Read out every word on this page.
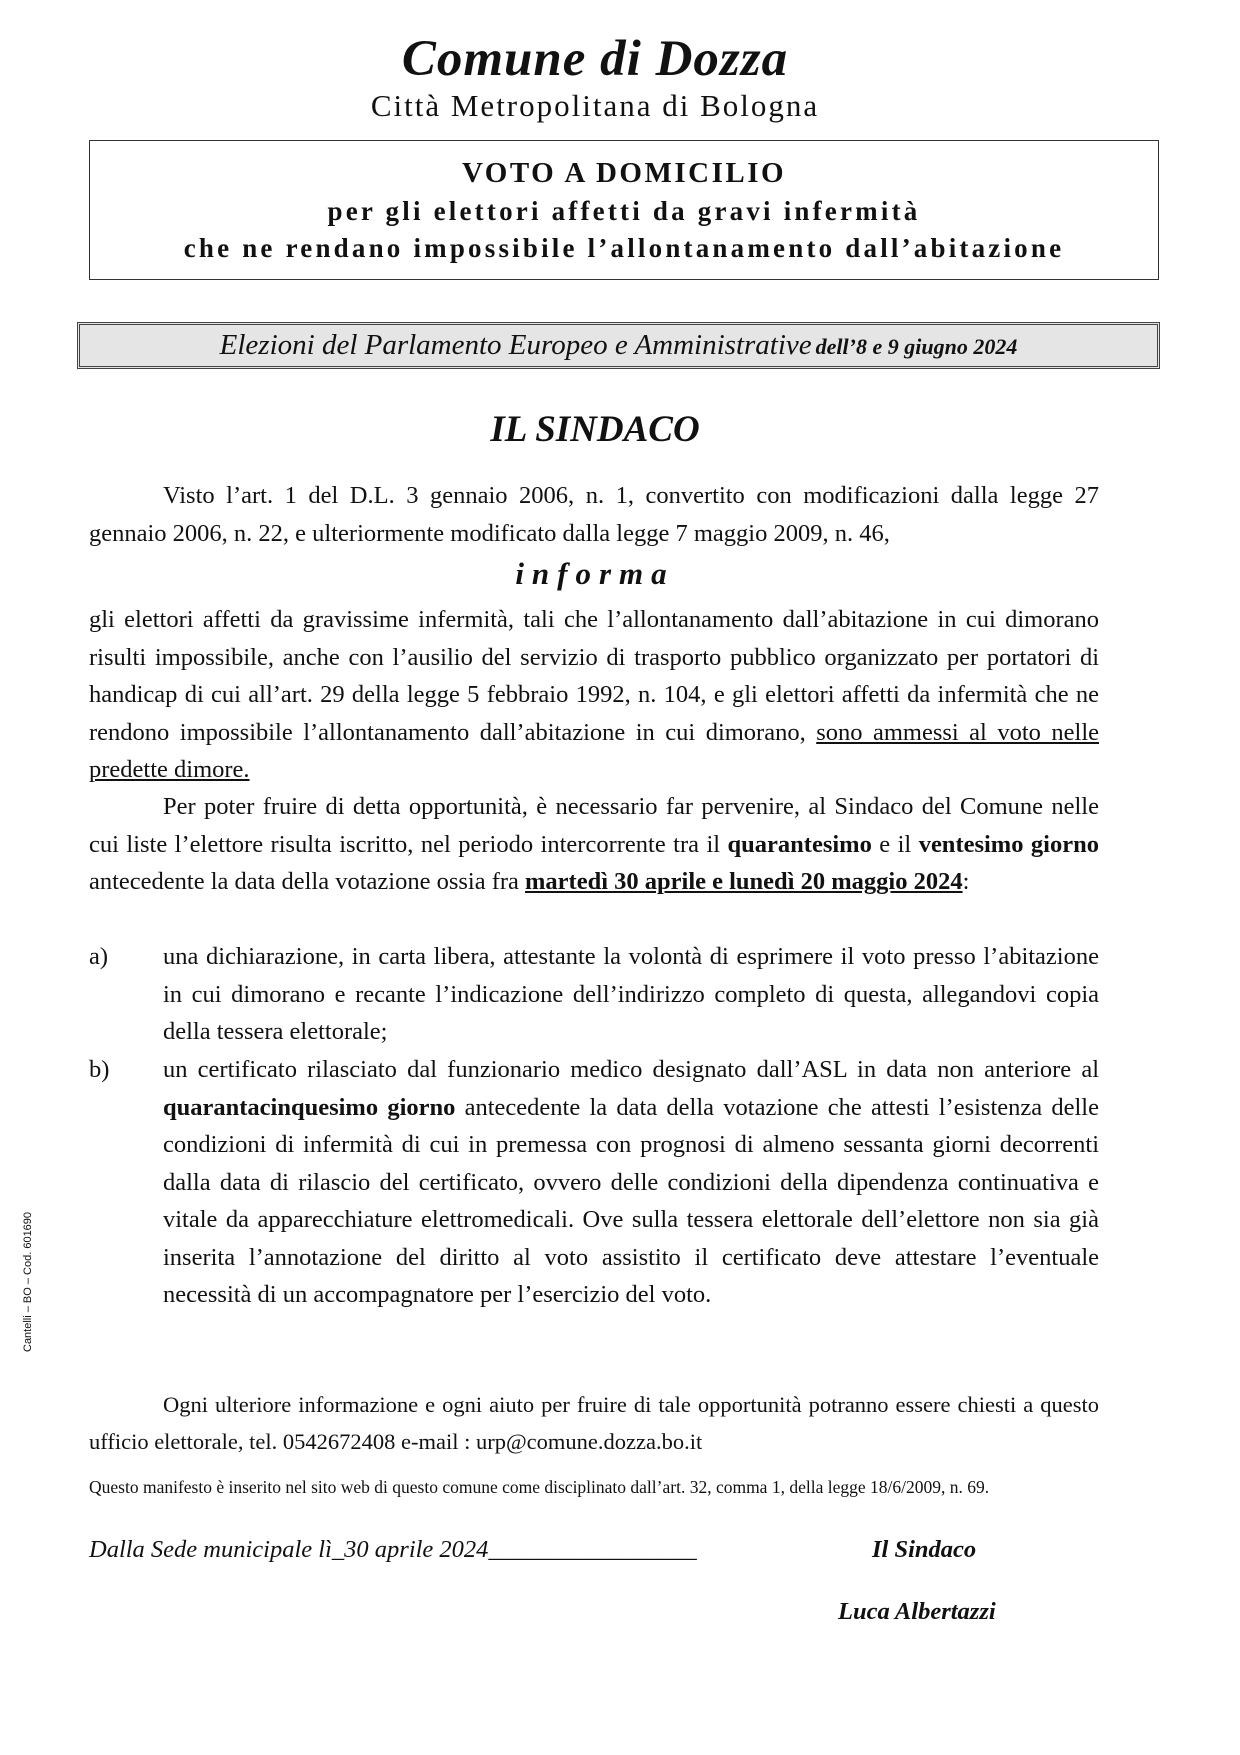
Comune di Dozza
Città Metropolitana di Bologna
VOTO A DOMICILIO
per gli elettori affetti da gravi infermità
che ne rendano impossibile l’allontanamento dall’abitazione
Elezioni del Parlamento Europeo e Amministrative dell’8 e 9 giugno 2024
IL SINDACO

Visto l’art. 1 del D.L. 3 gennaio 2006, n. 1, convertito con modificazioni dalla legge 27 gennaio 2006, n. 22, e ulteriormente modificato dalla legge 7 maggio 2009, n. 46,

informa

gli elettori affetti da gravissime infermità, tali che l’allontanamento dall’abitazione in cui dimorano risulti impossibile, anche con l’ausilio del servizio di trasporto pubblico organizzato per portatori di handicap di cui all’art. 29 della legge 5 febbraio 1992, n. 104, e gli elettori affetti da infermità che ne rendono impossibile l’allontanamento dall’abitazione in cui dimorano, sono ammessi al voto nelle predette dimore.

Per poter fruire di detta opportunità, è necessario far pervenire, al Sindaco del Comune nelle cui liste l’elettore risulta iscritto, nel periodo intercorrente tra il quarantesimo e il ventesimo giorno antecedente la data della votazione ossia fra martedì 30 aprile e lunedì 20 maggio 2024:

a)	una dichiarazione, in carta libera, attestante la volontà di esprimere il voto presso l’abitazione in cui dimorano e recante l’indicazione dell’indirizzo completo di questa, allegandovi copia della tessera elettorale;
b)	un certificato rilasciato dal funzionario medico designato dall’ASL in data non anteriore al quarantacinquesimo giorno antecedente la data della votazione che attesti l’esistenza delle condizioni di infermità di cui in premessa con prognosi di almeno sessanta giorni decorrenti dalla data di rilascio del certificato, ovvero delle condizioni della dipendenza continuativa e vitale da apparecchiature elettromedicali. Ove sulla tessera elettorale dell’elettore non sia già inserita l’annotazione del diritto al voto assistito il certificato deve attestare l’eventuale necessità di un accompagnatore per l’esercizio del voto.
Ogni ulteriore informazione e ogni aiuto per fruire di tale opportunità potranno essere chiesti a questo ufficio elettorale, tel. 0542672408 e-mail : urp@comune.dozza.bo.it
Questo manifesto è inserito nel sito web di questo comune come disciplinato dall’art. 32, comma 1, della legge 18/6/2009, n. 69.
Dalla Sede municipale lì_30 aprile 2024_________________	Il Sindaco
Luca Albertazzi
Cantelli – BO – Cod. 601690
